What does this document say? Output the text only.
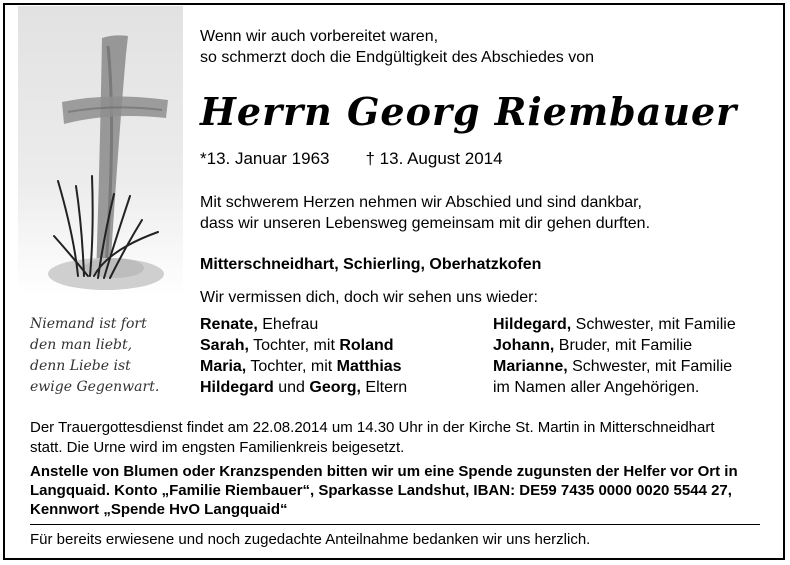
Niemand ist fort
den man liebt,
denn Liebe ist
ewige Gegenwart.
Wenn wir auch vorbereitet waren,
so schmerzt doch die Endgültigkeit des Abschiedes von
Herrn Georg Riembauer
*13. Januar 1963 † 13. August 2014
Mit schwerem Herzen nehmen wir Abschied und sind dankbar,
dass wir unseren Lebensweg gemeinsam mit dir gehen durften.
Mitterschneidhart, Schierling, Oberhatzkofen
Wir vermissen dich, doch wir sehen uns wieder:
Renate, Ehefrau
Sarah, Tochter, mit Roland
Maria, Tochter, mit Matthias
Hildegard und Georg, Eltern
Hildegard, Schwester, mit Familie
Johann, Bruder, mit Familie
Marianne, Schwester, mit Familie
im Namen aller Angehörigen.
Der Trauergottesdienst findet am 22.08.2014 um 14.30 Uhr in der Kirche St. Martin in Mitterschneidhart
statt. Die Urne wird im engsten Familienkreis beigesetzt.
Anstelle von Blumen oder Kranzspenden bitten wir um eine Spende zugunsten der Helfer vor Ort in
Langquaid. Konto „Familie Riembauer“, Sparkasse Landshut, IBAN: DE59 7435 0000 0020 5544 27,
Kennwort „Spende HvO Langquaid“
Für bereits erwiesene und noch zugedachte Anteilnahme bedanken wir uns herzlich.
